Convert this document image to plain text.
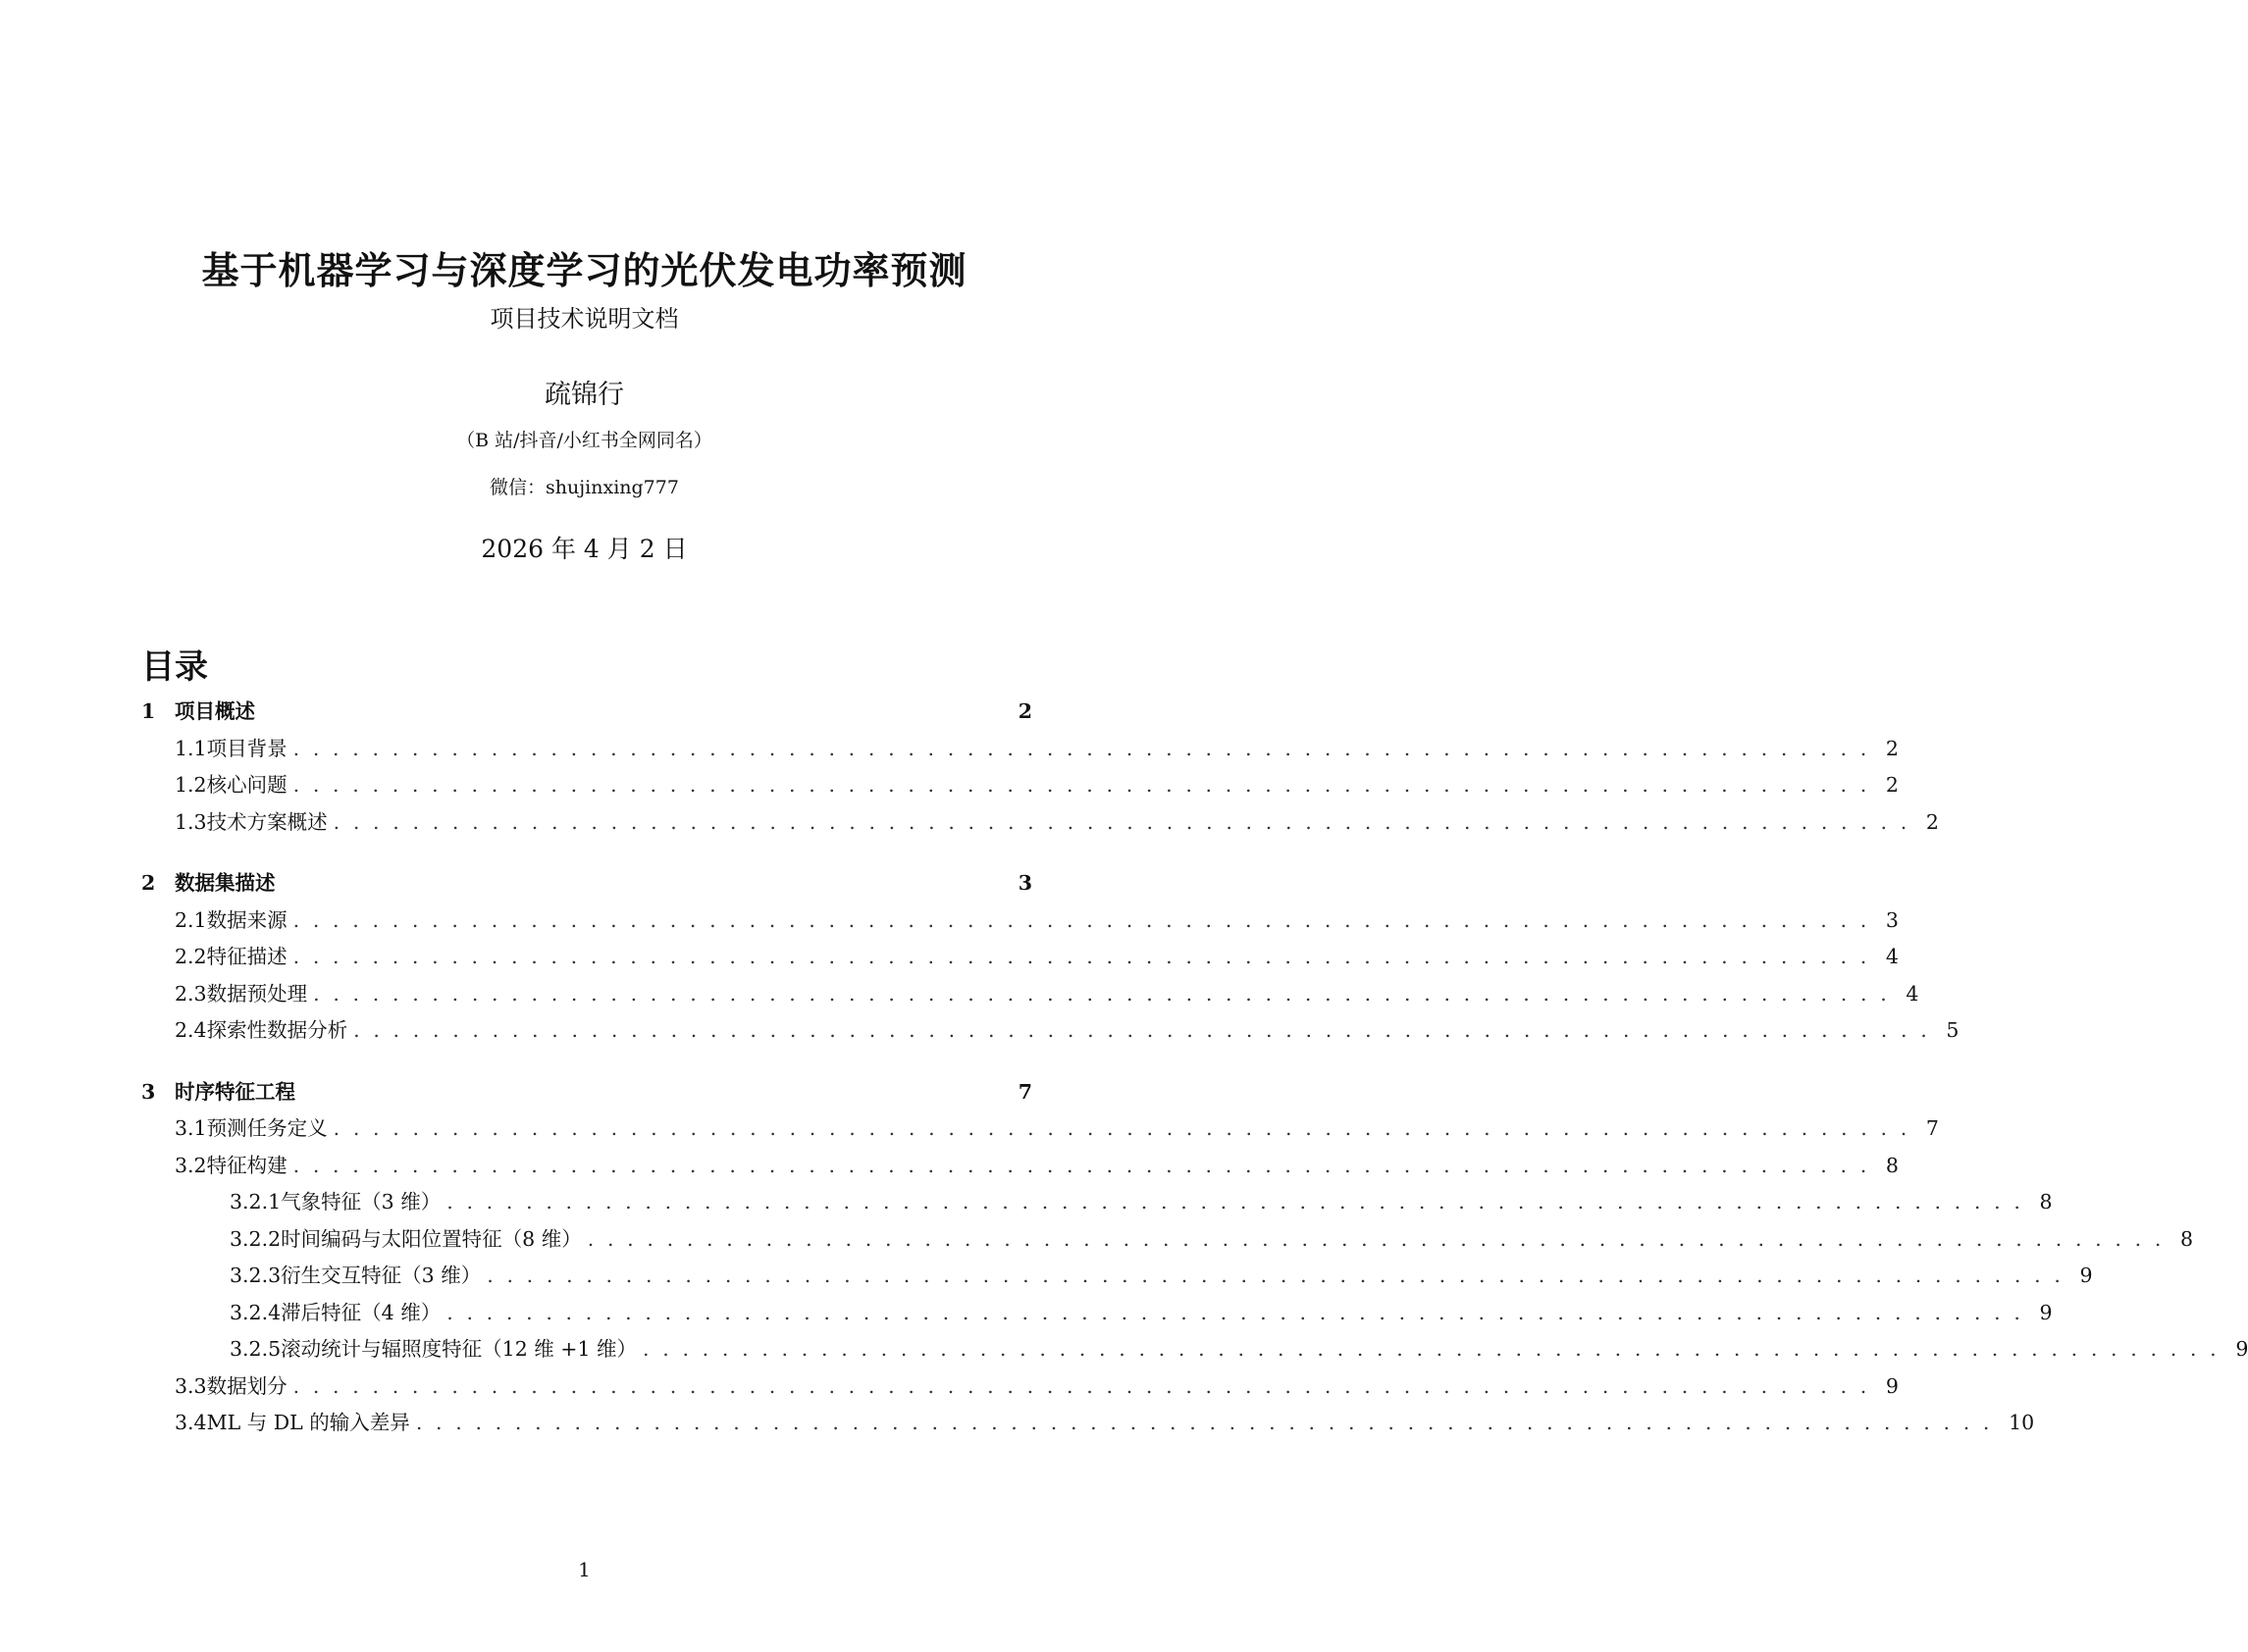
基于机器学习与深度学习的光伏发电功率预测
项目技术说明文档
疏锦行
（B 站/抖音/小红书全网同名）
微信：shujinxing777
2026 年 4 月 2 日
目录
1 项目概述	2
1.1 项目背景 ................................................................................ 2
1.2 核心问题 ................................................................................ 2
1.3 技术方案概述 ................................................................................ 2
2 数据集描述	3
2.1 数据来源 ................................................................................ 3
2.2 特征描述 ................................................................................ 4
2.3 数据预处理 ................................................................................ 4
2.4 探索性数据分析 ................................................................................ 5
3 时序特征工程	7
3.1 预测任务定义 ................................................................................ 7
3.2 特征构建 ................................................................................ 8
3.2.1 气象特征（3 维） ................................................................................ 8
3.2.2 时间编码与太阳位置特征（8 维） ................................................................................ 8
3.2.3 衍生交互特征（3 维） ................................................................................ 9
3.2.4 滞后特征（4 维） ................................................................................ 9
3.2.5 滚动统计与辐照度特征（12 维 +1 维） ................................................................................ 9
3.3 数据划分 ................................................................................ 9
3.4 ML 与 DL 的输入差异 ................................................................................ 10
1
